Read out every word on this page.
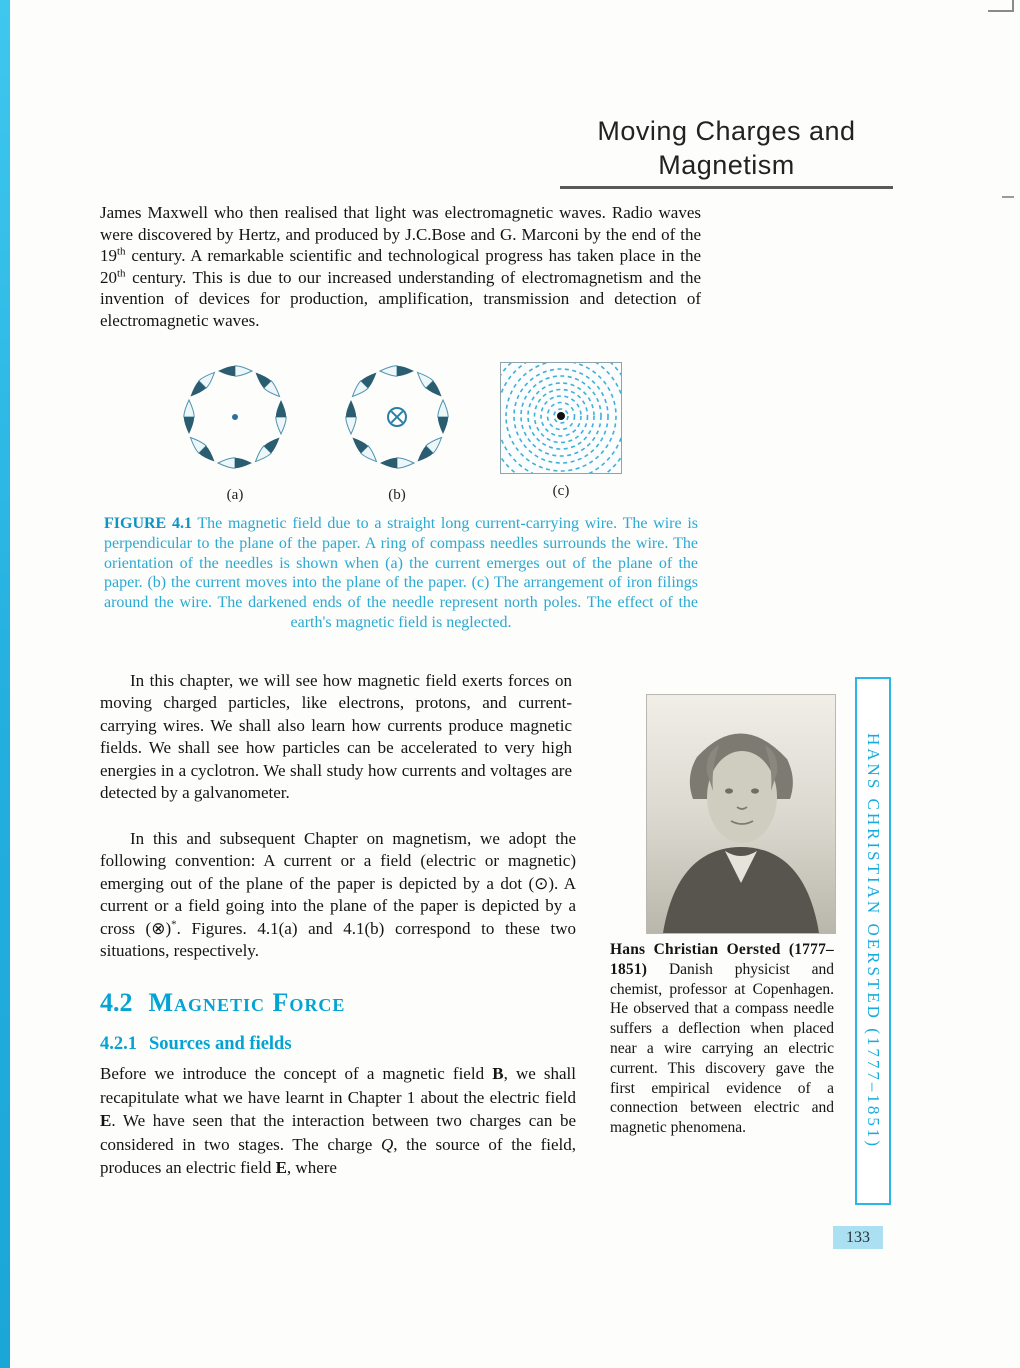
Moving Charges and
Magnetism

James Maxwell who then realised that light was electromagnetic waves. Radio waves were discovered by Hertz, and produced by J.C.Bose and G. Marconi by the end of the 19th century. A remarkable scientific and technological progress has taken place in the 20th century. This is due to our increased understanding of electromagnetism and the invention of devices for production, amplification, transmission and detection of electromagnetic waves.

(a)	(b)	(c)

FIGURE 4.1 The magnetic field due to a straight long current-carrying wire. The wire is perpendicular to the plane of the paper. A ring of compass needles surrounds the wire. The orientation of the needles is shown when (a) the current emerges out of the plane of the paper. (b) the current moves into the plane of the paper. (c) The arrangement of iron filings around the wire. The darkened ends of the needle represent north poles. The effect of the earth's magnetic field is neglected.

In this chapter, we will see how magnetic field exerts forces on moving charged particles, like electrons, protons, and current-carrying wires. We shall also learn how currents produce magnetic fields. We shall see how particles can be accelerated to very high energies in a cyclotron. We shall study how currents and voltages are detected by a galvanometer.

In this and subsequent Chapter on magnetism, we adopt the following convention: A current or a field (electric or magnetic) emerging out of the plane of the paper is depicted by a dot (⊙). A current or a field going into the plane of the paper is depicted by a cross (⊗)*. Figures. 4.1(a) and 4.1(b) correspond to these two situations, respectively.

4.2 Magnetic Force
4.2.1 Sources and fields

Before we introduce the concept of a magnetic field B, we shall recapitulate what we have learnt in Chapter 1 about the electric field E. We have seen that the interaction between two charges can be considered in two stages. The charge Q, the source of the field, produces an electric field E, where

Hans Christian Oersted (1777–1851) Danish physicist and chemist, professor at Copenhagen. He observed that a compass needle suffers a deflection when placed near a wire carrying an electric current. This discovery gave the first empirical evidence of a connection between electric and magnetic phenomena.	HANS CHRISTIAN OERSTED (1777–1851)
133
